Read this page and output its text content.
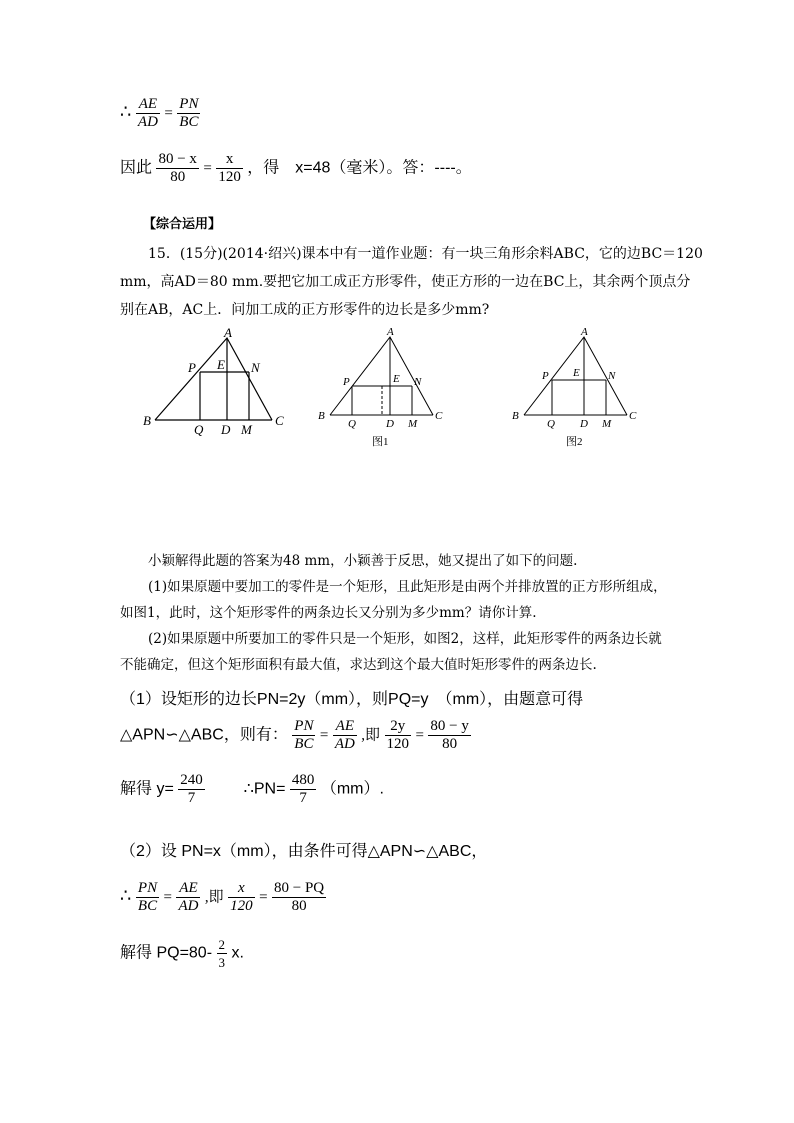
∴ $\frac{AE}{AD} = \frac{PN}{BC}$
因此 $\frac{80 - x}{80} = \frac{x}{120}$ ，得　x=48（毫米）。答：----。
【综合运用】
15．(15分)(2014·绍兴)课本中有一道作业题：有一块三角形余料ABC，它的边BC＝120
mm，高AD＝80 mm.要把它加工成正方形零件，使正方形的一边在BC上，其余两个顶点分
别在AB，AC上．问加工成的正方形零件的边长是多少mm?
A
B	C
P	N
E
Q D M
A
B	C
P	N
E
Q	D M
图1
A
B	C
P	N
E
Q D M
图2
小颖解得此题的答案为48 mm，小颖善于反思，她又提出了如下的问题.
(1)如果原题中要加工的零件是一个矩形，且此矩形是由两个并排放置的正方形所组成，
如图1，此时，这个矩形零件的两条边长又分别为多少mm？请你计算.
(2)如果原题中所要加工的零件只是一个矩形，如图2，这样，此矩形零件的两条边长就
不能确定，但这个矩形面积有最大值，求达到这个最大值时矩形零件的两条边长.
（1）设矩形的边长PN=2y（mm），则PQ=y　（mm），由题意可得
△APN∽△ABC，则有： $\frac{PN}{BC} = \frac{AE}{AD}$ ,即 $\frac{2y}{120} = \frac{80 - y}{80}$
解得 $y= \frac{240}{7}$ ∴PN= $\frac{480}{7} (mm)$.
（2）设 PN=x（mm），由条件可得△APN∽△ABC，
∴ $\frac{PN}{BC} = \frac{AE}{AD}$ ,即 $\frac{x}{120} = \frac{80 - PQ}{80}$
解得 $PQ=80- \frac{2}{3} x$.
